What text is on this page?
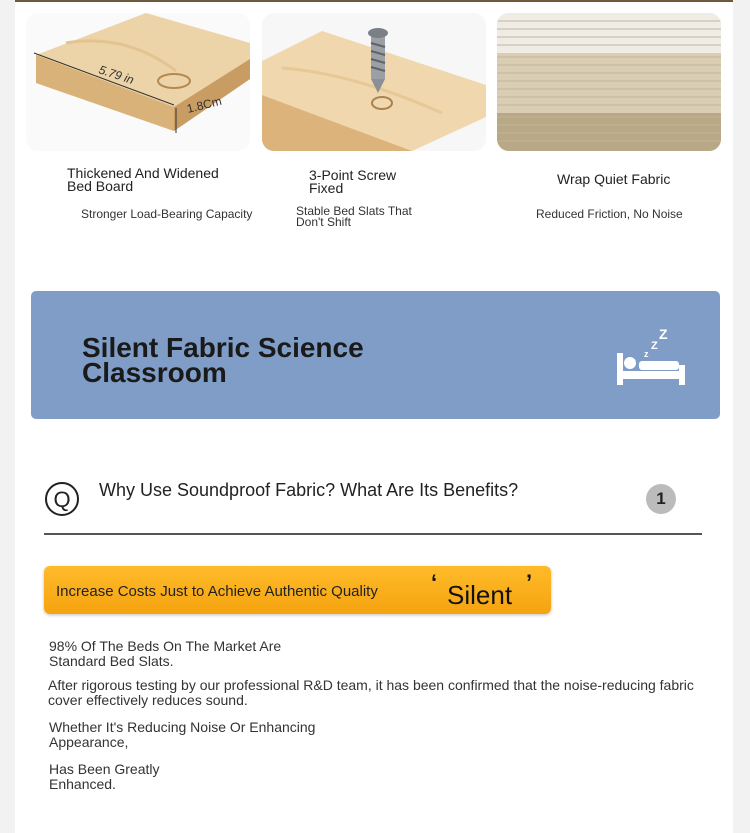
5.79 in
1.8Cm
Thickened And Widened Bed Board
Stronger Load-Bearing Capacity
3-Point Screw Fixed
Stable Bed Slats That Don't Shift
Wrap Quiet Fabric
Reduced Friction, No Noise
Silent Fabric Science Classroom
Z
Z
z
Q Why Use Soundproof Fabric? What Are Its Benefits?	1
Increase Costs Just to Achieve Authentic Quality ‘ Silent ’
98% Of The Beds On The Market Are Standard Bed Slats.
After rigorous testing by our professional R&D team, it has been confirmed that the noise-reducing fabric cover effectively reduces sound.
Whether It's Reducing Noise Or Enhancing Appearance,
Has Been Greatly Enhanced.
